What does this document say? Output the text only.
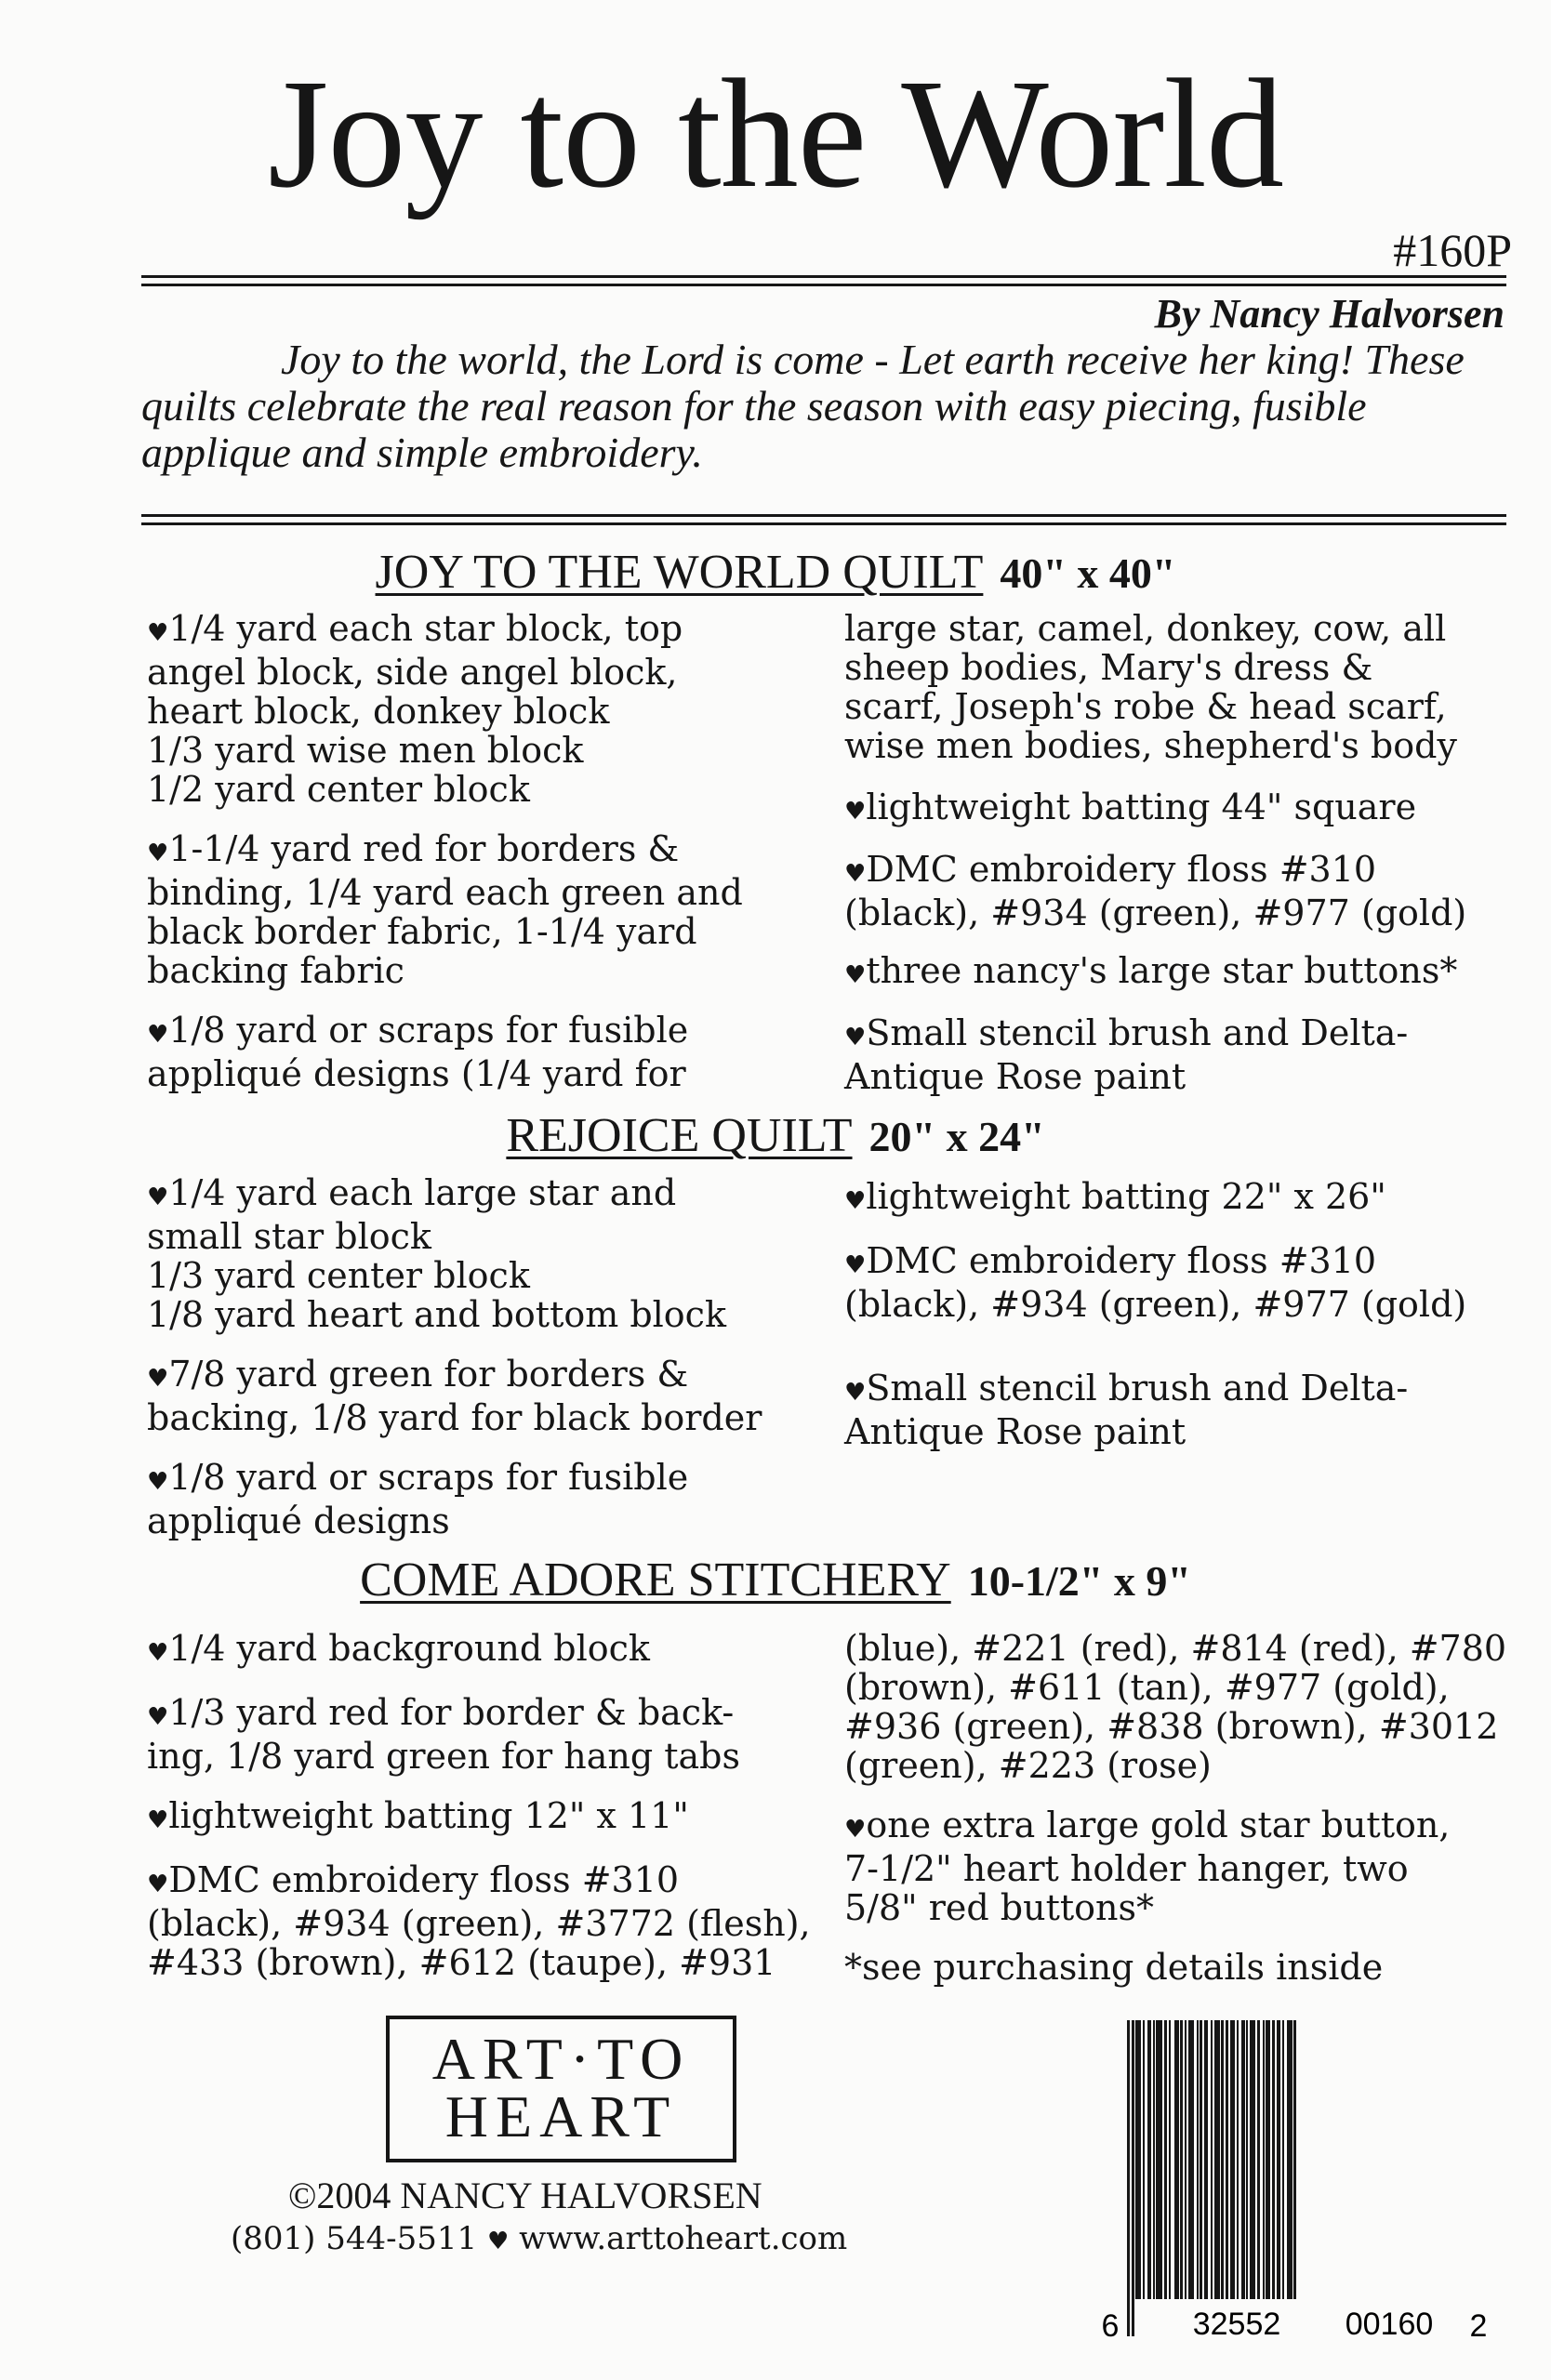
Joy to the World
#160P
By Nancy Halvorsen

Joy to the world, the Lord is come - Let earth receive her king! These quilts celebrate the real reason for the season with easy piecing, fusible applique and simple embroidery.

JOY TO THE WORLD QUILT 40" x 40"

♥ 1/4 yard each star block, top

angel block, side angel block,

heart block, donkey block

1/3 yard wise men block

1/2 yard center block

♥ 1-1/4 yard red for borders &

binding, 1/4 yard each green and

black border fabric, 1-1/4 yard

backing fabric

♥ 1/8 yard or scraps for fusible

appliqué designs (1/4 yard for

large star, camel, donkey, cow, all

sheep bodies, Mary's dress &

scarf, Joseph's robe & head scarf,

wise men bodies, shepherd's body

♥ lightweight batting 44" square

♥ DMC embroidery floss #310

(black), #934 (green), #977 (gold)

♥ three nancy's large star buttons*

♥ Small stencil brush and Delta-

Antique Rose paint

REJOICE QUILT 20" x 24"

♥ 1/4 yard each large star and

small star block

1/3 yard center block

1/8 yard heart and bottom block

♥ 7/8 yard green for borders &

backing, 1/8 yard for black border

♥ 1/8 yard or scraps for fusible

appliqué designs

♥ lightweight batting 22" x 26"

♥ DMC embroidery floss #310

(black), #934 (green), #977 (gold)

♥ Small stencil brush and Delta-

Antique Rose paint

COME ADORE STITCHERY 10-1/2" x 9"

♥ 1/4 yard background block

♥ 1/3 yard red for border & back-

ing, 1/8 yard green for hang tabs

♥ lightweight batting 12" x 11"

♥ DMC embroidery floss #310

(black), #934 (green), #3772 (flesh),

#433 (brown), #612 (taupe), #931

(blue), #221 (red), #814 (red), #780

(brown), #611 (tan), #977 (gold),

#936 (green), #838 (brown), #3012

(green), #223 (rose)

♥ one extra large gold star button,

7-1/2" heart holder hanger, two

5/8" red buttons*

*see purchasing details inside

ART·TO
HEART
©2004 NANCY HALVORSEN
(801) 544-5511 ♥ www.arttoheart.com
6 32552 00160 2
